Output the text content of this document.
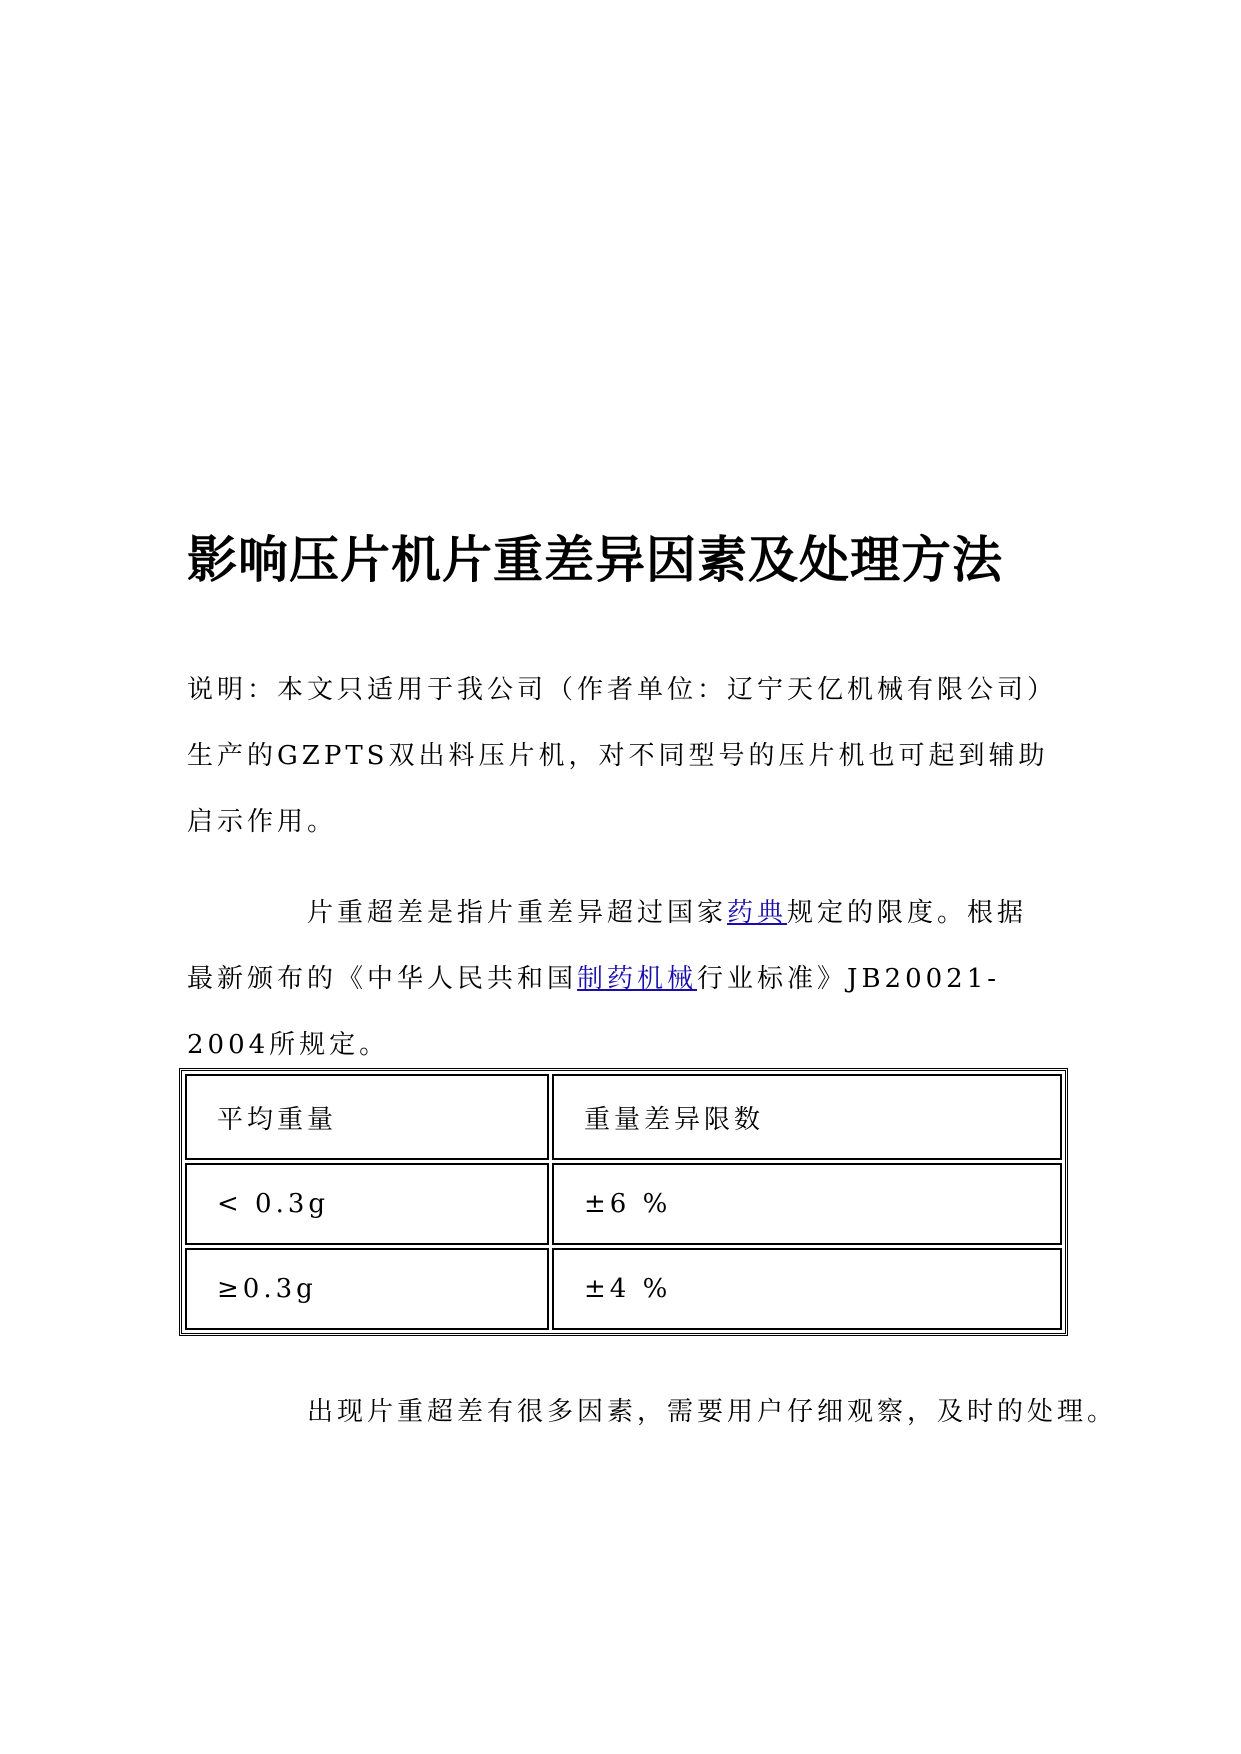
影响压片机片重差异因素及处理方法

说明：本文只适用于我公司（作者单位：辽宁天亿机械有限公司）生产的GZPTS双出料压片机，对不同型号的压片机也可起到辅助启示作用。

片重超差是指片重差异超过国家药典规定的限度。根据最新颁布的《中华人民共和国制药机械行业标准》JB20021-2004所规定。

平均重量	重量差异限数
< 0.3g	±6 %
≥0.3g	±4 %

出现片重超差有很多因素，需要用户仔细观察，及时的处理。
